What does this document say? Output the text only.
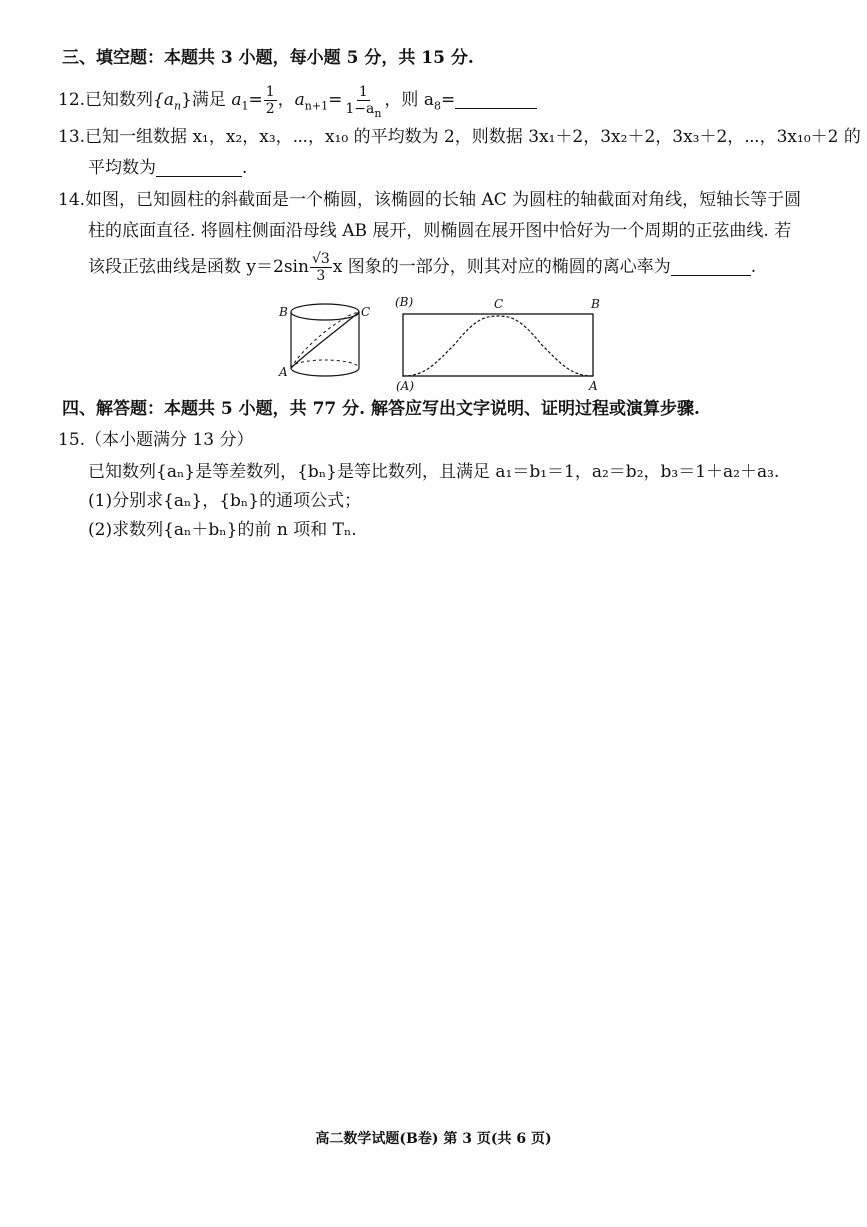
三、填空题：本题共 3 小题，每小题 5 分，共 15 分.
12.已知数列$\{a_n\}$满足 $a_1= \frac{1}{2}$ ，$a_{n+1}= \frac{1}{1-a_n}$ ，则 $a_8=$
13.已知一组数据 x₁，x₂，x₃，⋯，x₁₀ 的平均数为 2，则数据 3x₁＋2，3x₂＋2，3x₃＋2，⋯，3x₁₀＋2 的
平均数为	.
14.如图，已知圆柱的斜截面是一个椭圆，该椭圆的长轴 AC 为圆柱的轴截面对角线，短轴长等于圆
柱的底面直径. 将圆柱侧面沿母线 AB 展开，则椭圆在展开图中恰好为一个周期的正弦曲线. 若
该段正弦曲线是函数 $y=2\sin \frac{√3}{3}$ x 图象的一部分，则其对应的椭圆的离心率为	.
B	C
A
(B)	C	B
(A)	A
四、解答题：本题共 5 小题，共 77 分. 解答应写出文字说明、证明过程或演算步骤.
15.（本小题满分 13 分）
已知数列{aₙ}是等差数列，{bₙ}是等比数列，且满足 a₁＝b₁＝1，a₂＝b₂，b₃＝1＋a₂＋a₃.
(1)分别求{aₙ}，{bₙ}的通项公式；
(2)求数列{aₙ＋bₙ}的前 n 项和 Tₙ.
高二数学试题(B卷) 第 3 页(共 6 页)
